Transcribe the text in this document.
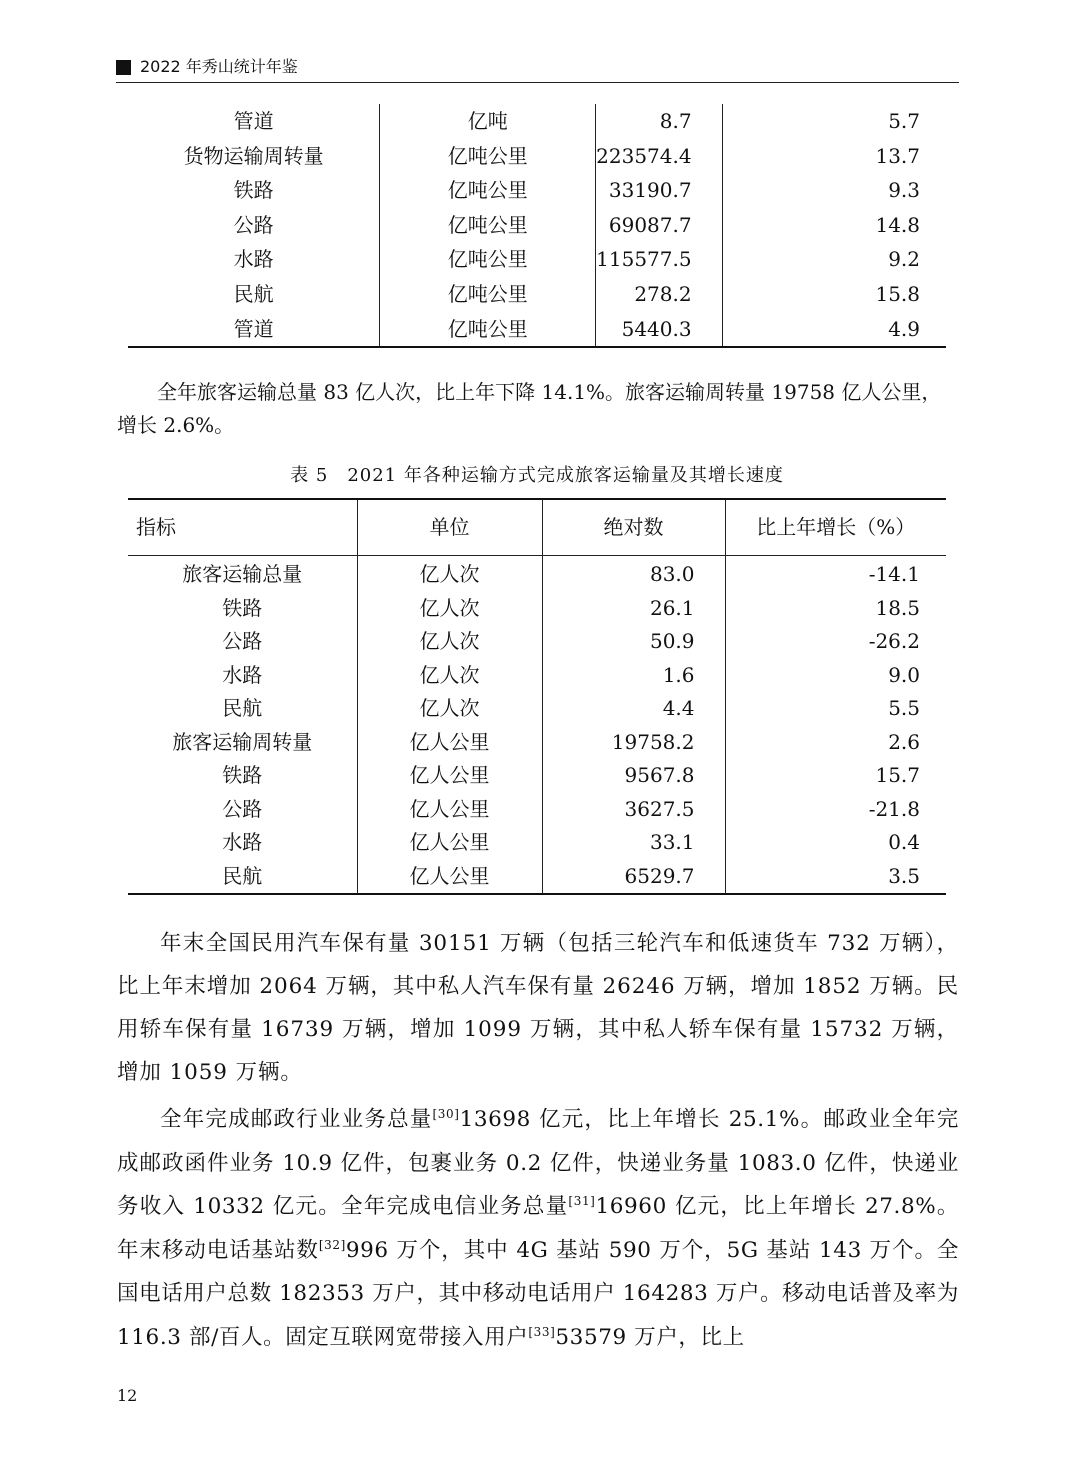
2022 年秀山统计年鉴
管道	亿吨	8.7	5.7
货物运输周转量	亿吨公里	223574.4	13.7
铁路	亿吨公里	33190.7	9.3
公路	亿吨公里	69087.7	14.8
水路	亿吨公里	115577.5	9.2
民航	亿吨公里	278.2	15.8
管道	亿吨公里	5440.3	4.9
全年旅客运输总量 83 亿人次，比上年下降 14.1%。旅客运输周转量 19758 亿人公里，增长 2.6%。
表 5　2021 年各种运输方式完成旅客运输量及其增长速度
指标	单位	绝对数	比上年增长（%）
旅客运输总量	亿人次	83.0	-14.1
铁路	亿人次	26.1	18.5
公路	亿人次	50.9	-26.2
水路	亿人次	1.6	9.0
民航	亿人次	4.4	5.5
旅客运输周转量	亿人公里	19758.2	2.6
铁路	亿人公里	9567.8	15.7
公路	亿人公里	3627.5	-21.8
水路	亿人公里	33.1	0.4
民航	亿人公里	6529.7	3.5
年末全国民用汽车保有量 30151 万辆（包括三轮汽车和低速货车 732 万辆），比上年末增加 2064 万辆，其中私人汽车保有量 26246 万辆，增加 1852 万辆。民用轿车保有量 16739 万辆，增加 1099 万辆，其中私人轿车保有量 15732 万辆，增加 1059 万辆。
全年完成邮政行业业务总量[30]13698 亿元，比上年增长 25.1%。邮政业全年完成邮政函件业务 10.9 亿件，包裹业务 0.2 亿件，快递业务量 1083.0 亿件，快递业务收入 10332 亿元。全年完成电信业务总量[31]16960 亿元，比上年增长 27.8%。年末移动电话基站数[32]996 万个，其中 4G 基站 590 万个，5G 基站 143 万个。全国电话用户总数 182353 万户，其中移动电话用户 164283 万户。移动电话普及率为 116.3 部/百人。固定互联网宽带接入用户[33]53579 万户，比上
12
